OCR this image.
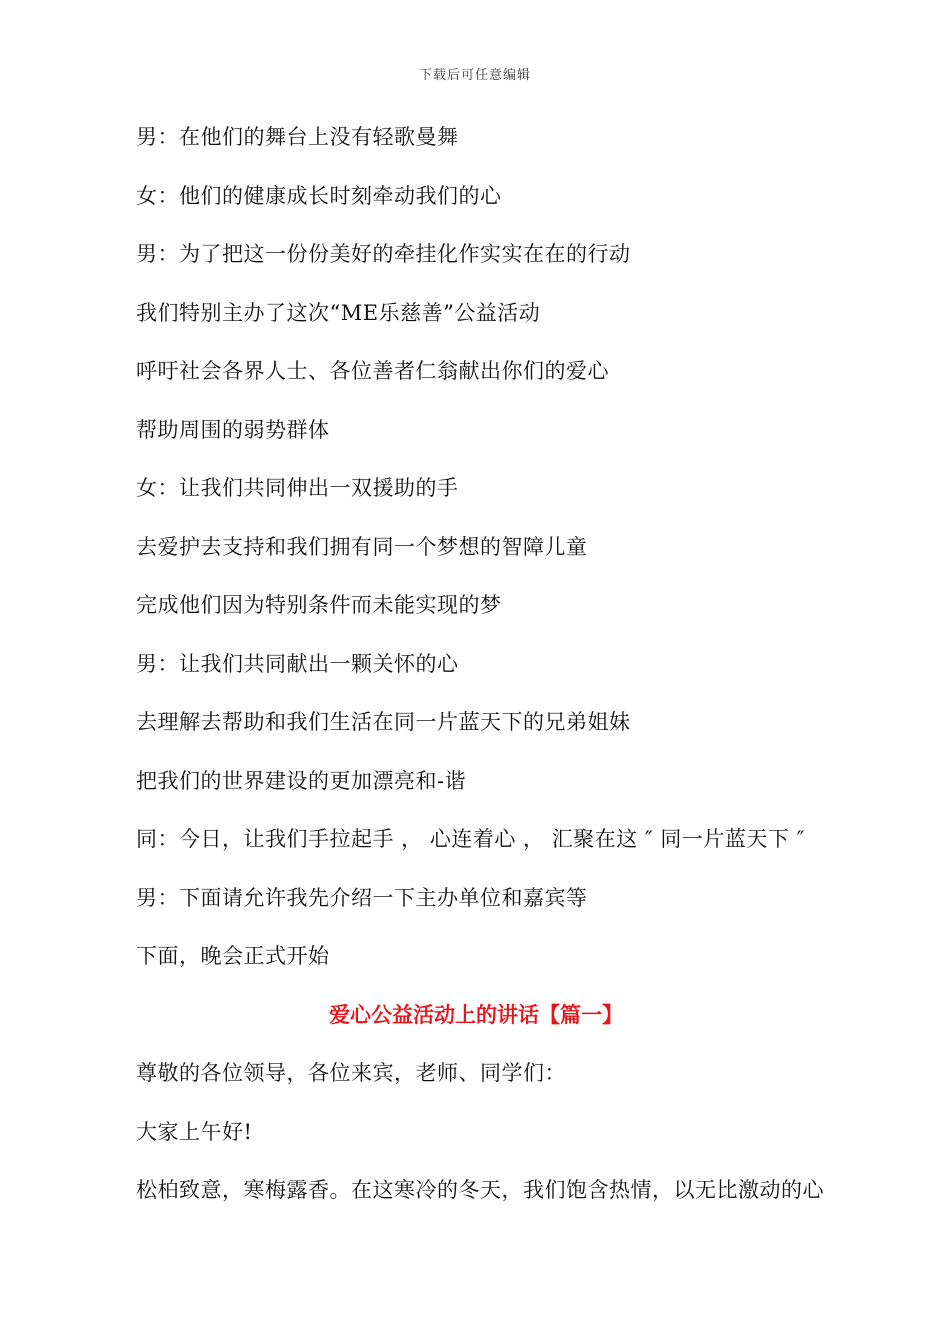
下载后可任意编辑
男：在他们的舞台上没有轻歌曼舞
女：他们的健康成长时刻牵动我们的心
男：为了把这一份份美好的牵挂化作实实在在的行动
我们特别主办了这次“ME乐慈善”公益活动
呼吁社会各界人士、各位善者仁翁献出你们的爱心
帮助周围的弱势群体
女：让我们共同伸出一双援助的手
去爱护去支持和我们拥有同一个梦想的智障儿童
完成他们因为特别条件而未能实现的梦
男：让我们共同献出一颗关怀的心
去理解去帮助和我们生活在同一片蓝天下的兄弟姐妹
把我们的世界建设的更加漂亮和-谐
同：今日，让我们手拉起手 ， 心连着心 ， 汇聚在这 ″ 同一片蓝天下 ″
男：下面请允许我先介绍一下主办单位和嘉宾等
下面，晚会正式开始
爱心公益活动上的讲话【篇一】
尊敬的各位领导，各位来宾，老师、同学们：
大家上午好!
松柏致意，寒梅露香。在这寒冷的冬天，我们饱含热情，以无比激动的心
